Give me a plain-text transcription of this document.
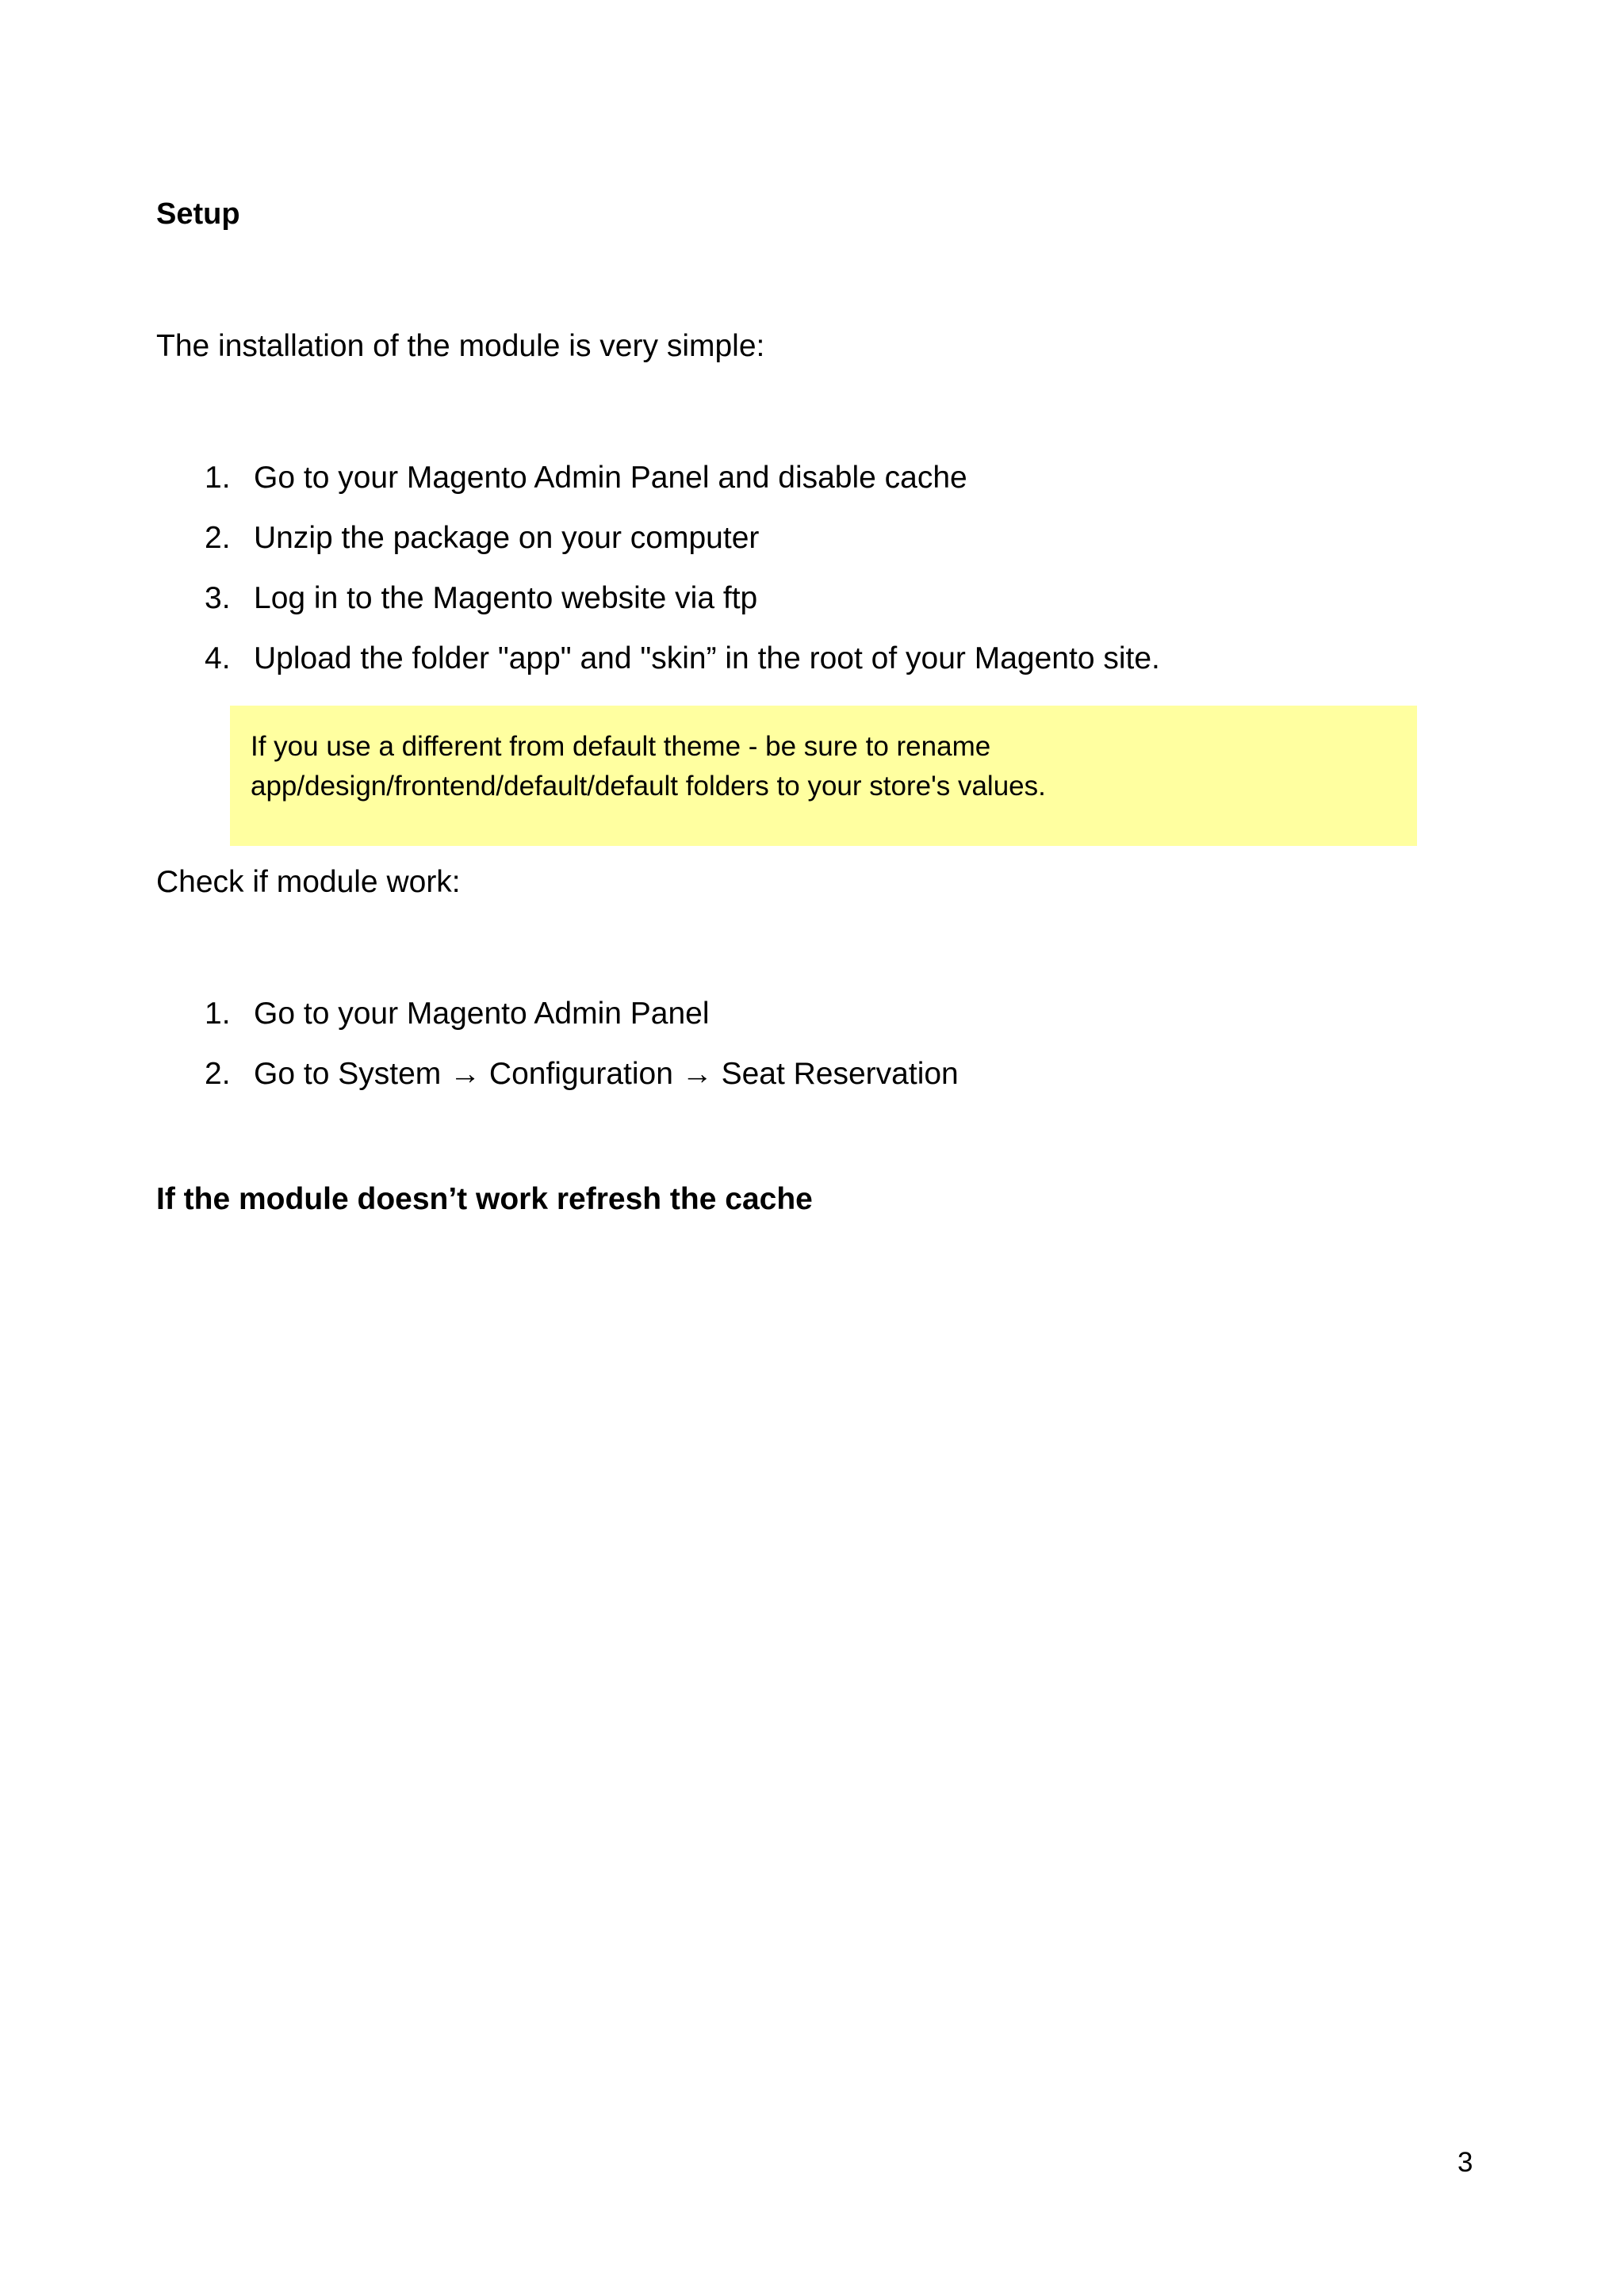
Setup

The installation of the module is very simple:

1. Go to your Magento Admin Panel and disable cache
2. Unzip the package on your computer
3. Log in to the Magento website via ftp
4. Upload the folder "app" and "skin” in the root of your Magento site.

If you use a different from default theme - be sure to rename app/design/frontend/default/default folders to your store's values.

Check if module work:

1. Go to your Magento Admin Panel
2. Go to System → Configuration → Seat Reservation

If the module doesn’t work refresh the cache

3
